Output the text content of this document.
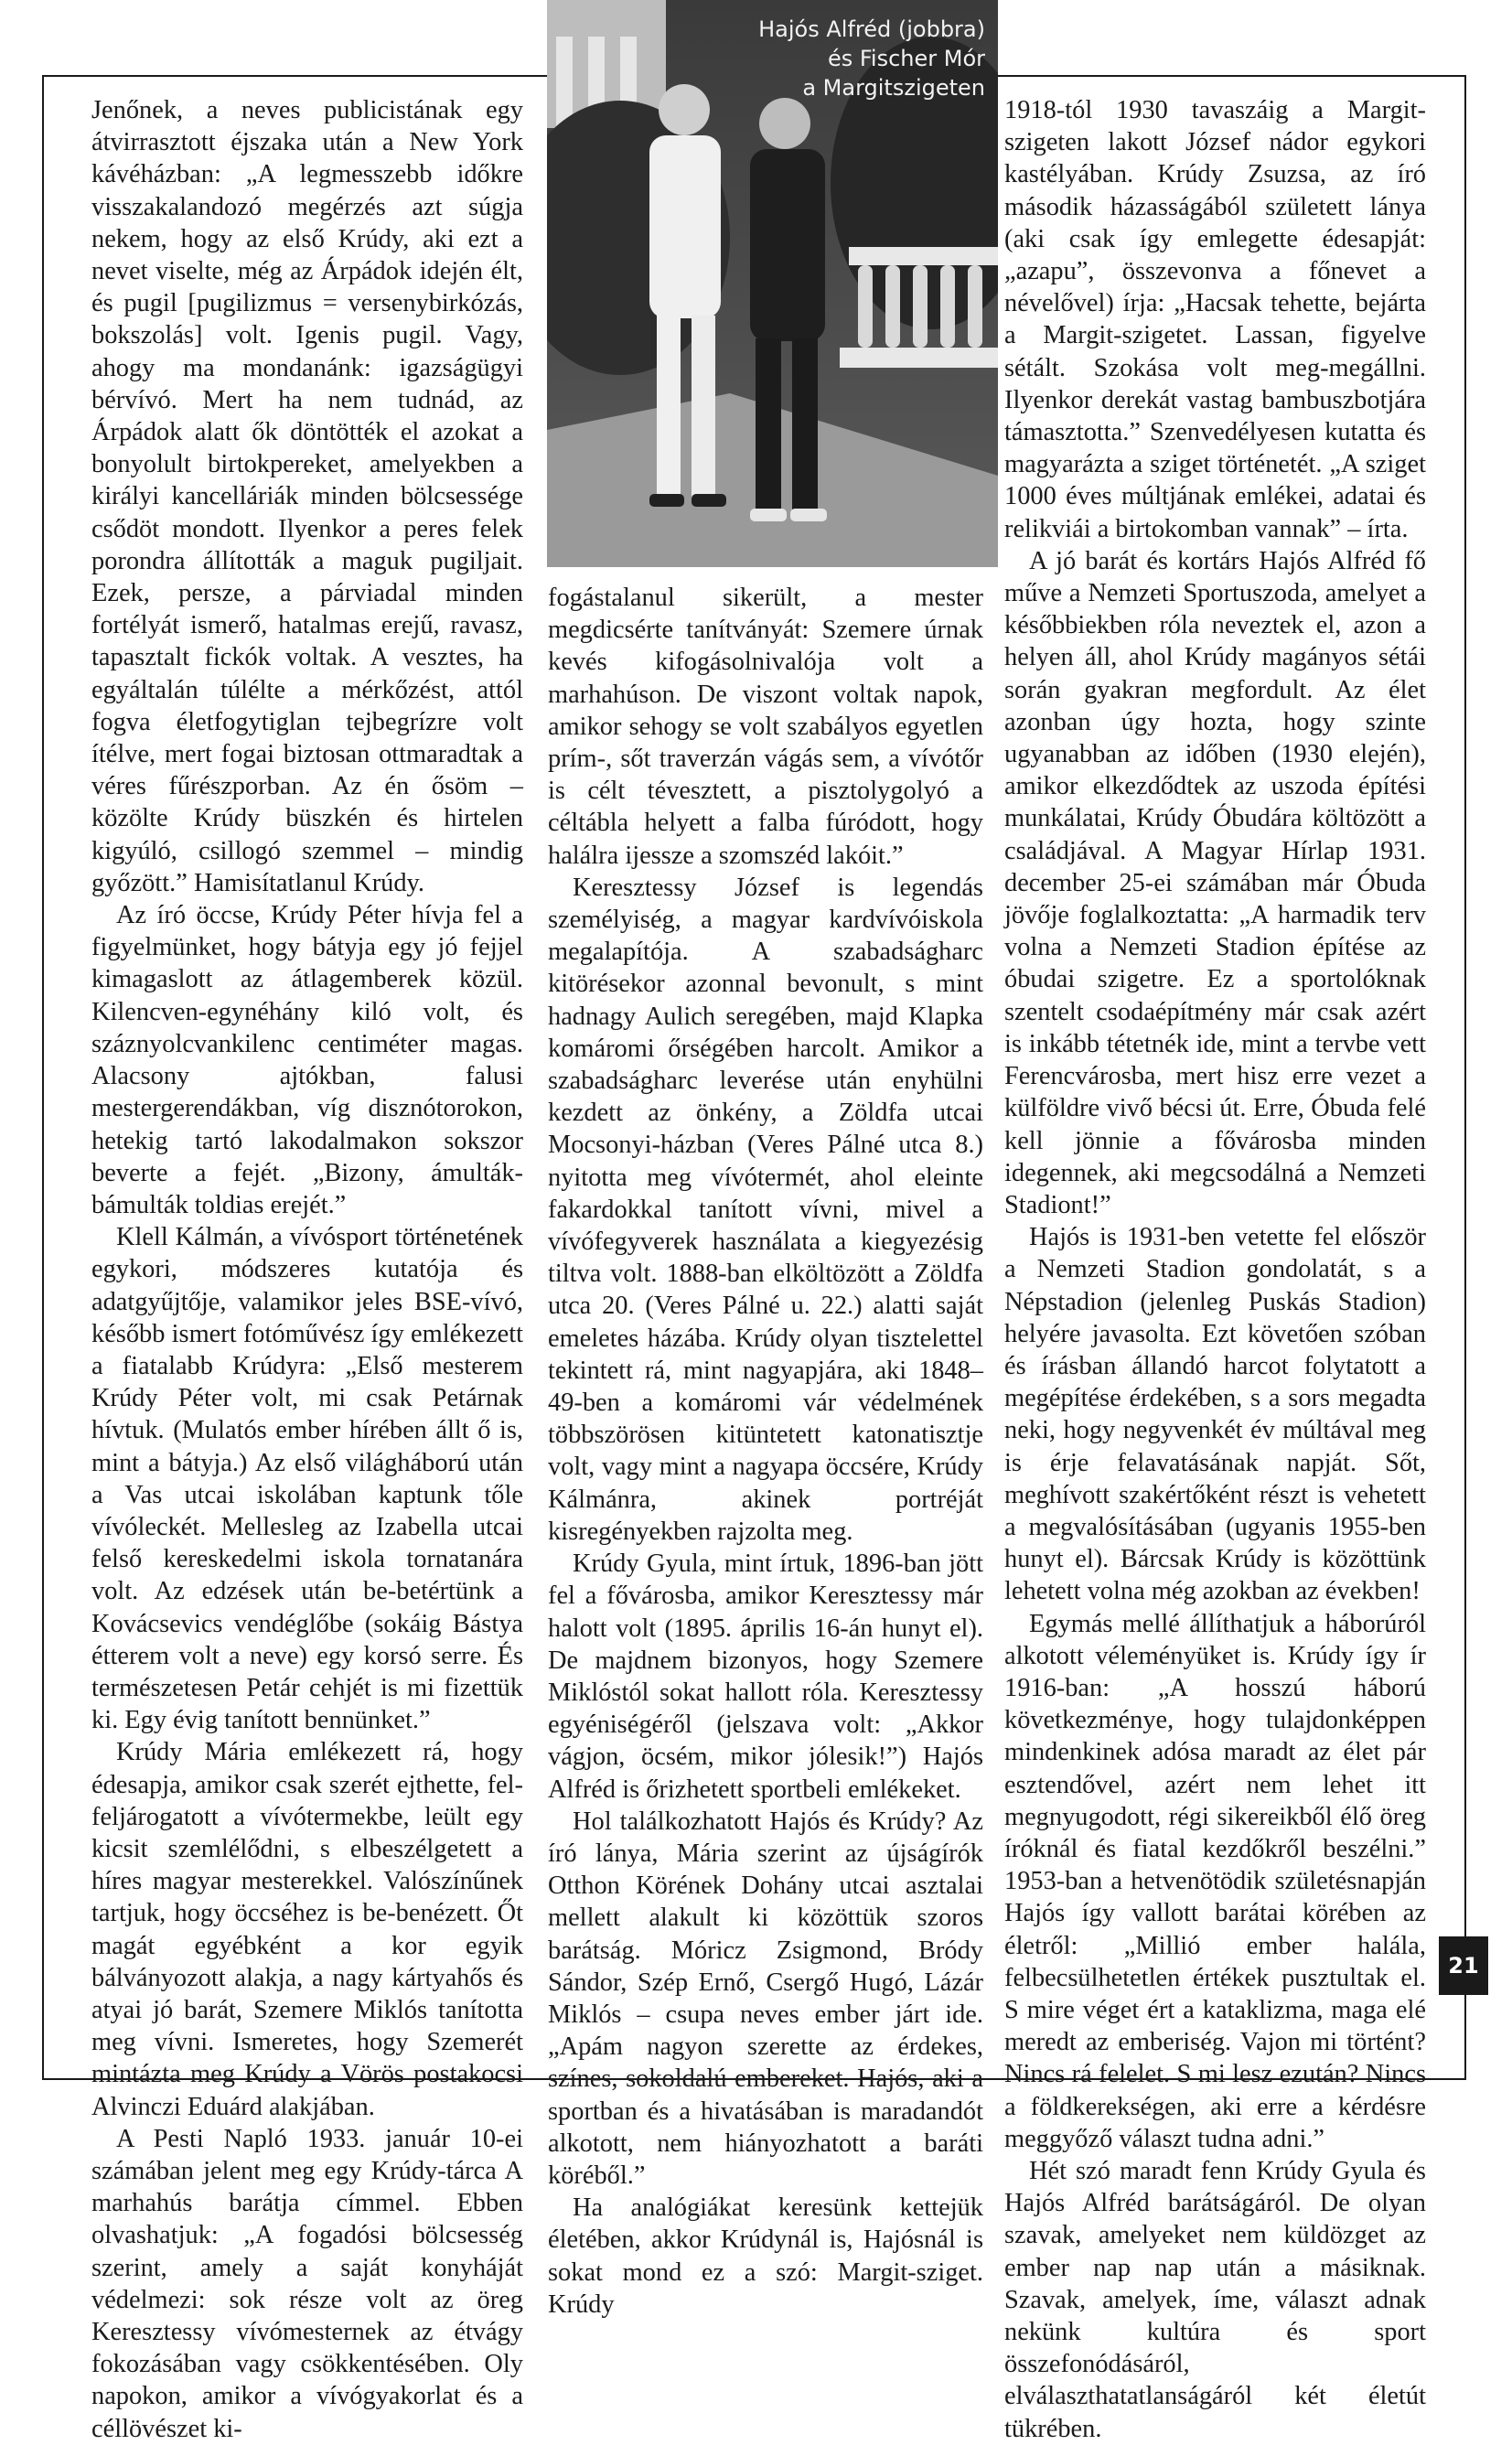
Hajós Alfréd (jobbra)
és Fischer Mór
a Margitszigeten

Jenőnek, a neves publicistának egy átvirrasztott éjszaka után a New York kávéházban: „A legmesszebb időkre visszakalandozó megérzés azt súgja nekem, hogy az első Krúdy, aki ezt a nevet viselte, még az Árpádok idején élt, és pugil [pugilizmus = versenybirkózás, bokszolás] volt. Igenis pugil. Vagy, ahogy ma mondanánk: igazságügyi bérvívó. Mert ha nem tudnád, az Árpádok alatt ők döntötték el azokat a bonyolult birtokpereket, amelyekben a királyi kancelláriák minden bölcsessége csődöt mondott. Ilyenkor a peres felek porondra állították a maguk pugiljait. Ezek, persze, a párviadal minden fortélyát ismerő, hatalmas erejű, ravasz, tapasztalt fickók voltak. A vesztes, ha egyáltalán túlélte a mérkőzést, attól fogva életfogytiglan tejbegrízre volt ítélve, mert fogai biztosan ottmaradtak a véres fűrészporban. Az én ősöm – közölte Krúdy büszkén és hirtelen kigyúló, csillogó szemmel – mindig győzött.” Hamisítatlanul Krúdy.

Az író öccse, Krúdy Péter hívja fel a figyelmünket, hogy bátyja egy jó fejjel kimagaslott az átlagemberek közül. Kilencven-egynéhány kiló volt, és száznyolcvankilenc centiméter magas. Alacsony ajtókban, falusi mestergerendákban, víg disznótorokon, hetekig tartó lakodalmakon sokszor beverte a fejét. „Bizony, ámulták-bámulták toldias erejét.”

Klell Kálmán, a vívósport történetének egykori, módszeres kutatója és adatgyűjtője, valamikor jeles BSE-vívó, később ismert fotóművész így emlékezett a fiatalabb Krúdyra: „Első mesterem Krúdy Péter volt, mi csak Petárnak hívtuk. (Mulatós ember hírében állt ő is, mint a bátyja.) Az első világháború után a Vas utcai iskolában kaptunk tőle vívóleckét. Mellesleg az Izabella utcai felső kereskedelmi iskola tornatanára volt. Az edzések után be-betértünk a Kovácsevics vendéglőbe (sokáig Bástya étterem volt a neve) egy korsó serre. És természetesen Petár cehjét is mi fizettük ki. Egy évig tanított bennünket.”

Krúdy Mária emlékezett rá, hogy édesapja, amikor csak szerét ejthette, fel-feljárogatott a vívótermekbe, leült egy kicsit szemlélődni, s elbeszélgetett a híres magyar mesterekkel. Valószínűnek tartjuk, hogy öccséhez is be-benézett. Őt magát egyébként a kor egyik bálványozott alakja, a nagy kártyahős és atyai jó barát, Szemere Miklós tanította meg vívni. Ismeretes, hogy Szemerét mintázta meg Krúdy a Vörös postakocsi Alvinczi Eduárd alakjában.

A Pesti Napló 1933. január 10-ei számában jelent meg egy Krúdy-tárca A marhahús barátja címmel. Ebben olvashatjuk: „A fogadósi bölcsesség szerint, amely a saját konyháját védelmezi: sok része volt az öreg Keresztessy vívómesternek az étvágy fokozásában vagy csökkentésében. Oly napokon, amikor a vívógyakorlat és a céllövészet ki-

fogástalanul sikerült, a mester megdicsérte tanítványát: Szemere úrnak kevés kifogásolnivalója volt a marhahúson. De viszont voltak napok, amikor sehogy se volt szabályos egyetlen prím-, sőt traverzán vágás sem, a vívótőr is célt tévesztett, a pisztolygolyó a céltábla helyett a falba fúródott, hogy halálra ijessze a szomszéd lakóit.”

Keresztessy József is legendás személyiség, a magyar kardvívóiskola megalapítója. A szabadságharc kitörésekor azonnal bevonult, s mint hadnagy Aulich seregében, majd Klapka komáromi őrségében harcolt. Amikor a szabadságharc leverése után enyhülni kezdett az önkény, a Zöldfa utcai Mocsonyi-házban (Veres Pálné utca 8.) nyitotta meg vívótermét, ahol eleinte fakardokkal tanított vívni, mivel a vívófegyverek használata a kiegyezésig tiltva volt. 1888-ban elköltözött a Zöldfa utca 20. (Veres Pálné u. 22.) alatti saját emeletes házába. Krúdy olyan tisztelettel tekintett rá, mint nagyapjára, aki 1848–49-ben a komáromi vár védelmének többszörösen kitüntetett katonatisztje volt, vagy mint a nagyapa öccsére, Krúdy Kálmánra, akinek portréját kisregényekben rajzolta meg.

Krúdy Gyula, mint írtuk, 1896-ban jött fel a fővárosba, amikor Keresztessy már halott volt (1895. április 16-án hunyt el). De majdnem bizonyos, hogy Szemere Miklóstól sokat hallott róla. Keresztessy egyéniségéről (jelszava volt: „Akkor vágjon, öcsém, mikor jólesik!”) Hajós Alfréd is őrizhetett sportbeli emlékeket.

Hol találkozhatott Hajós és Krúdy? Az író lánya, Mária szerint az újságírók Otthon Körének Dohány utcai asztalai mellett alakult ki közöttük szoros barátság. Móricz Zsigmond, Bródy Sándor, Szép Ernő, Csergő Hugó, Lázár Miklós – csupa neves ember járt ide. „Apám nagyon szerette az érdekes, színes, sokoldalú embereket. Hajós, aki a sportban és a hivatásában is maradandót alkotott, nem hiányozhatott a baráti köréből.”

Ha analógiákat keresünk kettejük életében, akkor Krúdynál is, Hajósnál is sokat mond ez a szó: Margit-sziget. Krúdy

1918-tól 1930 tavaszáig a Margit-szigeten lakott József nádor egykori kastélyában. Krúdy Zsuzsa, az író második házasságából született lánya (aki csak így emlegette édesapját: „azapu”, összevonva a főnevet a névelővel) írja: „Hacsak tehette, bejárta a Margit-szigetet. Lassan, figyelve sétált. Szokása volt meg-megállni. Ilyenkor derekát vastag bambuszbotjára támasztotta.” Szenvedélyesen kutatta és magyarázta a sziget történetét. „A sziget 1000 éves múltjának emlékei, adatai és relikviái a birtokomban vannak” – írta.

A jó barát és kortárs Hajós Alfréd fő műve a Nemzeti Sportuszoda, amelyet a későbbiekben róla neveztek el, azon a helyen áll, ahol Krúdy magányos sétái során gyakran megfordult. Az élet azonban úgy hozta, hogy szinte ugyanabban az időben (1930 elején), amikor elkezdődtek az uszoda építési munkálatai, Krúdy Óbudára költözött a családjával. A Magyar Hírlap 1931. december 25-ei számában már Óbuda jövője foglalkoztatta: „A harmadik terv volna a Nemzeti Stadion építése az óbudai szigetre. Ez a sportolóknak szentelt csodaépítmény már csak azért is inkább tétetnék ide, mint a tervbe vett Ferencvárosba, mert hisz erre vezet a külföldre vivő bécsi út. Erre, Óbuda felé kell jönnie a fővárosba minden idegennek, aki megcsodálná a Nemzeti Stadiont!”

Hajós is 1931-ben vetette fel először a Nemzeti Stadion gondolatát, s a Népstadion (jelenleg Puskás Stadion) helyére javasolta. Ezt követően szóban és írásban állandó harcot folytatott a megépítése érdekében, s a sors megadta neki, hogy negyvenkét év múltával meg is érje felavatásának napját. Sőt, meghívott szakértőként részt is vehetett a megvalósításában (ugyanis 1955-ben hunyt el). Bárcsak Krúdy is közöttünk lehetett volna még azokban az években!

Egymás mellé állíthatjuk a háborúról alkotott véleményüket is. Krúdy így ír 1916-ban: „A hosszú háború következménye, hogy tulajdonképpen mindenkinek adósa maradt az élet pár esztendővel, azért nem lehet itt megnyugodott, régi sikereikből élő öreg íróknál és fiatal kezdőkről beszélni.” 1953-ban a hetvenötödik születésnapján Hajós így vallott barátai körében az életről: „Millió ember halála, felbecsülhetetlen értékek pusztultak el. S mire véget ért a kataklizma, maga elé meredt az emberiség. Vajon mi történt? Nincs rá felelet. S mi lesz ezután? Nincs a földkerekségen, aki erre a kérdésre meggyőző választ tudna adni.”

Hét szó maradt fenn Krúdy Gyula és Hajós Alfréd barátságáról. De olyan szavak, amelyeket nem küldözget az ember nap nap után a másiknak. Szavak, amelyek, íme, választ adnak nekünk kultúra és sport összefonódásáról, elválaszthatatlanságáról két életút tükrében.

21
